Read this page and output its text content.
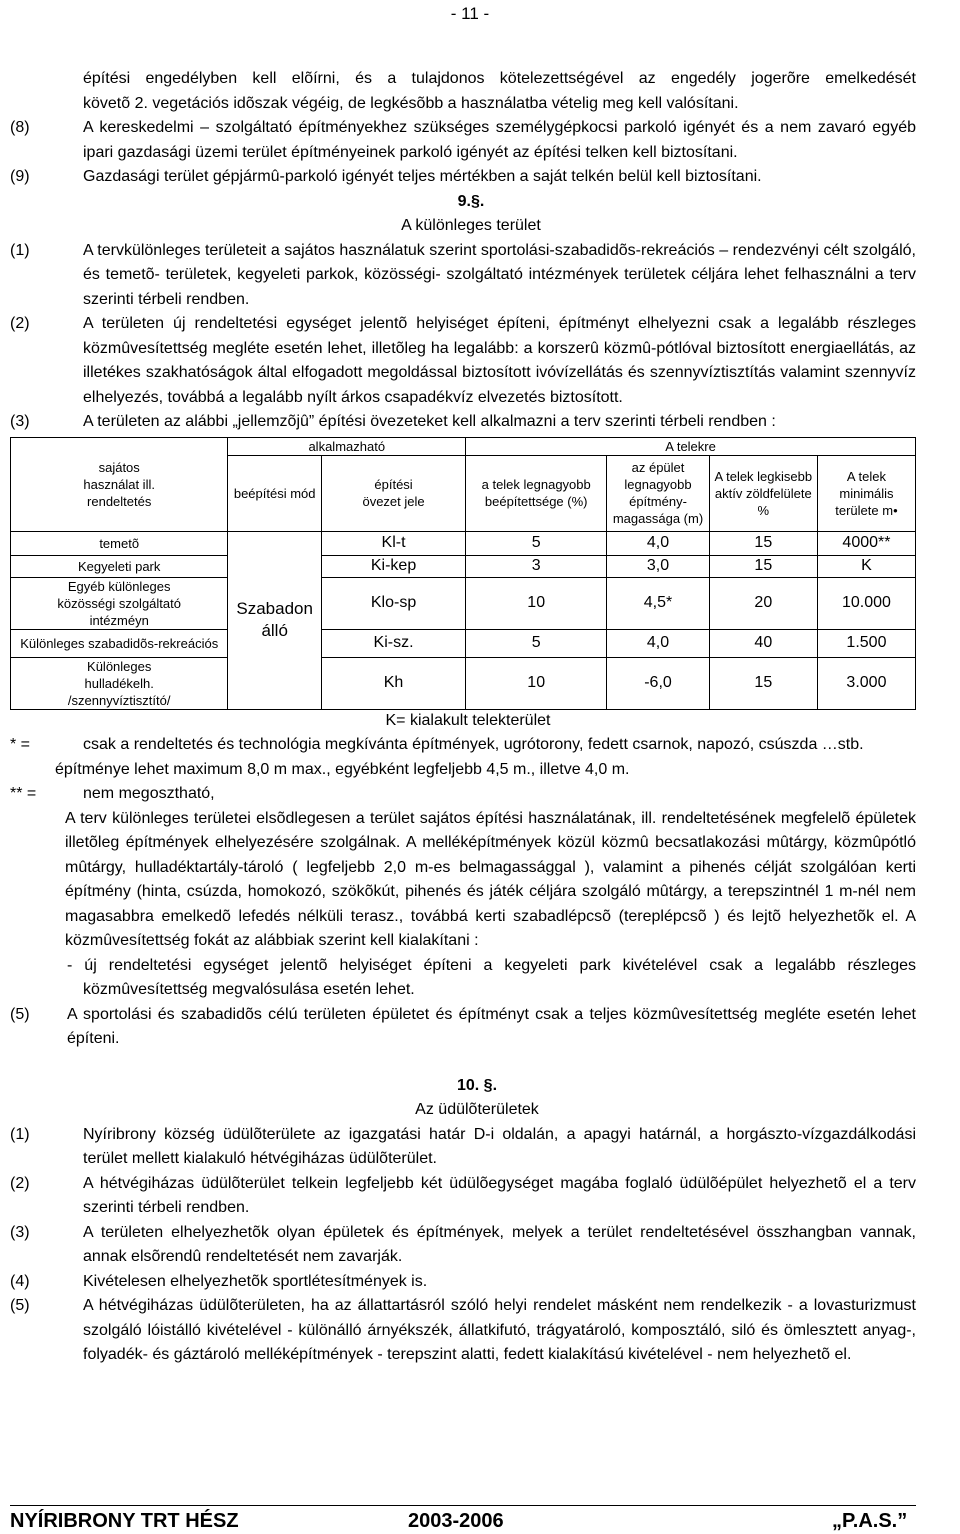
- 11 -
építési engedélyben kell elõírni, és a tulajdonos kötelezettségével az engedély jogerõre emelkedését
követõ 2. vegetációs idõszak végéig, de legkésõbb a használatba vételig meg kell valósítani.
(8)	A kereskedelmi – szolgáltató építményekhez szükséges személygépkocsi parkoló igényét és a nem zavaró egyéb ipari gazdasági üzemi terület építményeinek parkoló igényét az építési telken kell biztosítani.
(9)	Gazdasági terület gépjármû-parkoló igényét teljes mértékben a saját telkén belül kell biztosítani.
9.§.
A különleges terület
(1)	A tervkülönleges területeit a sajátos használatuk szerint sportolási-szabadidõs-rekreációs – rendezvényi célt szolgáló, és temetõ- területek, kegyeleti parkok, közösségi- szolgáltató intézmények területek céljára lehet felhasználni a terv szerinti térbeli rendben.
(2)	A területen új rendeltetési egységet jelentõ helyiséget építeni, építményt elhelyezni csak a legalább részleges közmûvesítettség megléte esetén lehet, illetõleg ha legalább: a korszerû közmû-pótlóval biztosított energiaellátás, az illetékes szakhatóságok által elfogadott megoldással biztosított ivóvízellátás és szennyvíztisztítás valamint szennyvíz elhelyezés, továbbá a legalább nyílt árkos csapadékvíz elvezetés biztosított.
(3)	A területen az alábbi „jellemzõjû” építési övezeteket kell alkalmazni a terv szerinti térbeli rendben :
sajátos használat ill. rendeltetés	alkalmazható		A telekre			
	beépítési mód	építési övezet jele	a telek legnagyobb beépítettsége (%)	az épület legnagyobb építmény-magassága (m)	A telek legkisebb aktív zöldfelülete %	A telek minimális területe m•
temetõ	Szabadon álló	Kl-t	5	4,0	15	4000**
Kegyeleti park		Ki-kep	3	3,0	15	K
Egyéb különleges közösségi szolgáltató intézméyn		Klo-sp	10	4,5*	20	10.000
Különleges szabadidõs-rekreációs		Ki-sz.	5	4,0	40	1.500
Különleges hulladékelh. /szennyvíztisztító/		Kh	10	-6,0	15	3.000
K= kialakult telekterület
* =	csak a rendeltetés és technológia megkívánta építmények, ugrótorony, fedett csarnok, napozó, csúszda …stb.
építménye lehet maximum 8,0 m max., egyébként legfeljebb 4,5 m., illetve 4,0 m.
** =	nem megosztható,
A terv különleges területei elsõdlegesen a terület sajátos építési használatának, ill. rendeltetésének megfelelõ épületek illetõleg építmények elhelyezésére szolgálnak. A melléképítmények közül közmû becsatlakozási mûtárgy, közmûpótló mûtárgy, hulladéktartály-tároló ( legfeljebb 2,0 m-es belmagassággal ), valamint a pihenés célját szolgálóan kerti építmény (hinta, csúzda, homokozó, szökõkút, pihenés és játék céljára szolgáló mûtárgy, a terepszintnél 1 m-nél nem magasabbra emelkedõ lefedés nélküli terasz., továbbá kerti szabadlépcsõ (tereplépcsõ ) és lejtõ helyezhetõk el. A közmûvesítettség fokát az alábbiak szerint kell kialakítani :
- új rendeltetési egységet jelentõ helyiséget építeni a kegyeleti park kivételével csak a legalább részleges közmûvesítettség megvalósulása esetén lehet.
(5) A sportolási és szabadidõs célú területen épületet és építményt csak a teljes közmûvesítettség megléte esetén lehet építeni.
10. §.
Az üdülõterületek
(1)	Nyíribrony község üdülõterülete az igazgatási határ D-i oldalán, a apagyi határnál, a horgászto-vízgazdálkodási terület mellett kialakuló hétvégiházas üdülõterület.
(2)	A hétvégiházas üdülõterület telkein legfeljebb két üdülõegységet magába foglaló üdülõépület helyezhetõ el a terv szerinti térbeli rendben.
(3)	A területen elhelyezhetõk olyan épületek és építmények, melyek a terület rendeltetésével összhangban vannak, annak elsõrendû rendeltetését nem zavarják.
(4)	Kivételesen elhelyezhetõk sportlétesítmények is.
(5)	A hétvégiházas üdülõterületen, ha az állattartásról szóló helyi rendelet másként nem rendelkezik - a lovasturizmust szolgáló lóistálló kivételével - különálló árnyékszék, állatkifutó, trágyatároló, komposztáló, siló és ömlesztett anyag-, folyadék- és gáztároló melléképítmények - terepszint alatti, fedett kialakítású kivételével - nem helyezhetõ el.
NYÍRIBRONY TRT HÉSZ	2003-2006	„P.A.S.”
